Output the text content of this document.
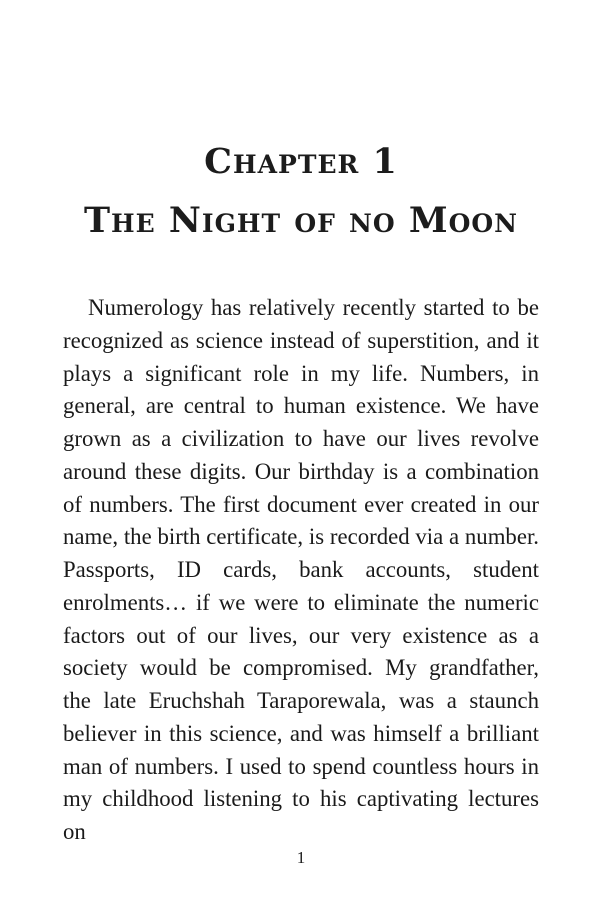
Chapter 1
The Night of no Moon

Numerology has relatively recently started to be recognized as science instead of superstition, and it plays a significant role in my life. Numbers, in general, are central to human existence. We have grown as a civilization to have our lives revolve around these digits. Our birthday is a combination of numbers. The first document ever created in our name, the birth certificate, is recorded via a number. Passports, ID cards, bank accounts, student enrolments… if we were to eliminate the numeric factors out of our lives, our very existence as a society would be compromised. My grandfather, the late Eruchshah Taraporewala, was a staunch believer in this science, and was himself a brilliant man of numbers. I used to spend countless hours in my childhood listening to his captivating lectures on

1
